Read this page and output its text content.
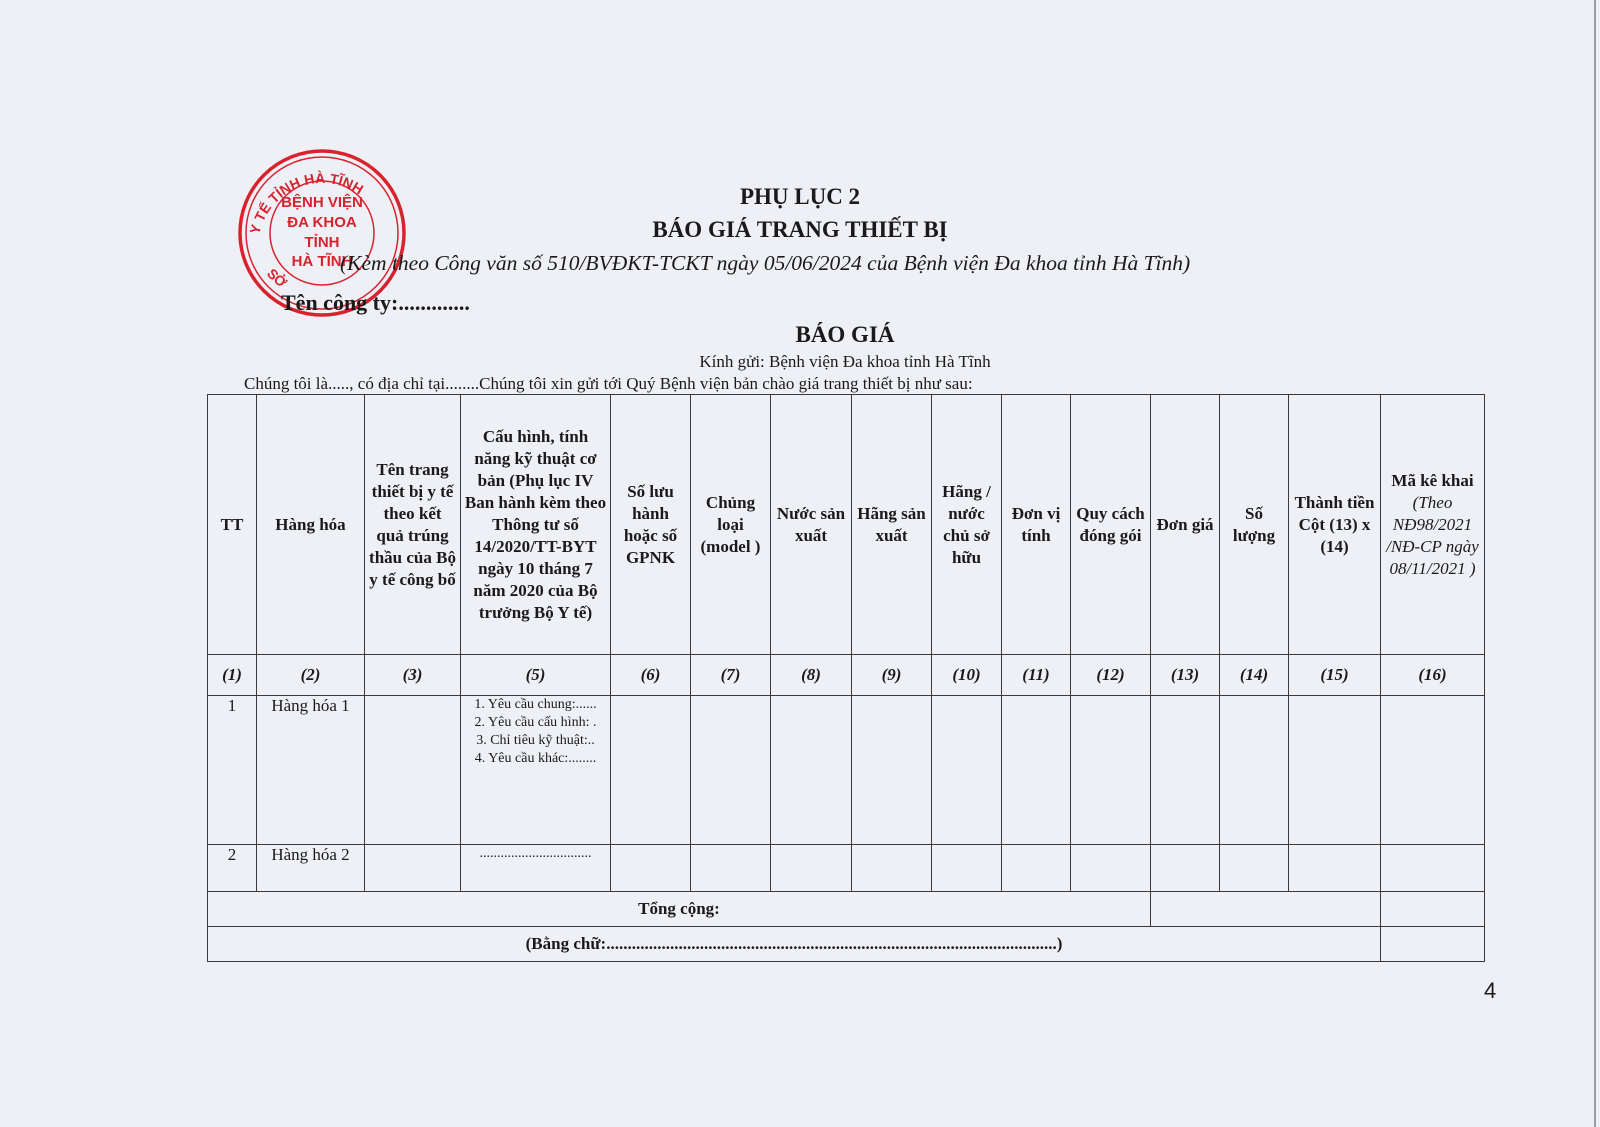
Y TẾ TỈNH HÀ TĨNH
SỞ
BỆNH VIỆN
ĐA KHOA
TỈNH
HÀ TĨNH
PHỤ LỤC 2
BÁO GIÁ TRANG THIẾT BỊ
(Kèm theo Công văn số 510/BVĐKT-TCKT ngày 05/06/2024 của Bệnh viện Đa khoa tỉnh Hà Tĩnh)
Tên công ty:.............
BÁO GIÁ
Kính gửi: Bệnh viện Đa khoa tỉnh Hà Tĩnh
Chúng tôi là....., có địa chỉ tại........Chúng tôi xin gửi tới Quý Bệnh viện bản chào giá trang thiết bị như sau:
TT	Hàng hóa	Tên trang thiết bị y tế theo kết quả trúng thầu của Bộ y tế công bố	Cấu hình, tính năng kỹ thuật cơ bản (Phụ lục IV Ban hành kèm theo Thông tư số 14/2020/TT-BYT ngày 10 tháng 7 năm 2020 của Bộ trưởng Bộ Y tế)	Số lưu hành hoặc số GPNK	Chủng loại (model )	Nước sản xuất	Hãng sản xuất	Hãng / nước chủ sở hữu	Đơn vị tính	Quy cách đóng gói	Đơn giá	Số lượng	Thành tiền Cột (13) x (14)	Mã kê khai
(Theo NĐ98/2021 /NĐ-CP ngày 08/11/2021 )

(1)	(2)	(3)	(5)	(6)	(7)	(8)	(9)	(10)	(11)	(12)	(13)	(14)	(15)	(16)
1	Hàng hóa 1		1. Yêu cầu chung:......
2. Yêu cầu cấu hình: .
3. Chỉ tiêu kỹ thuật:..
4. Yêu cầu khác:........											

2	Hàng hóa 2		................................											

Tổng cộng:														
(Bằng chữ:..........................................................................................................)														
4
